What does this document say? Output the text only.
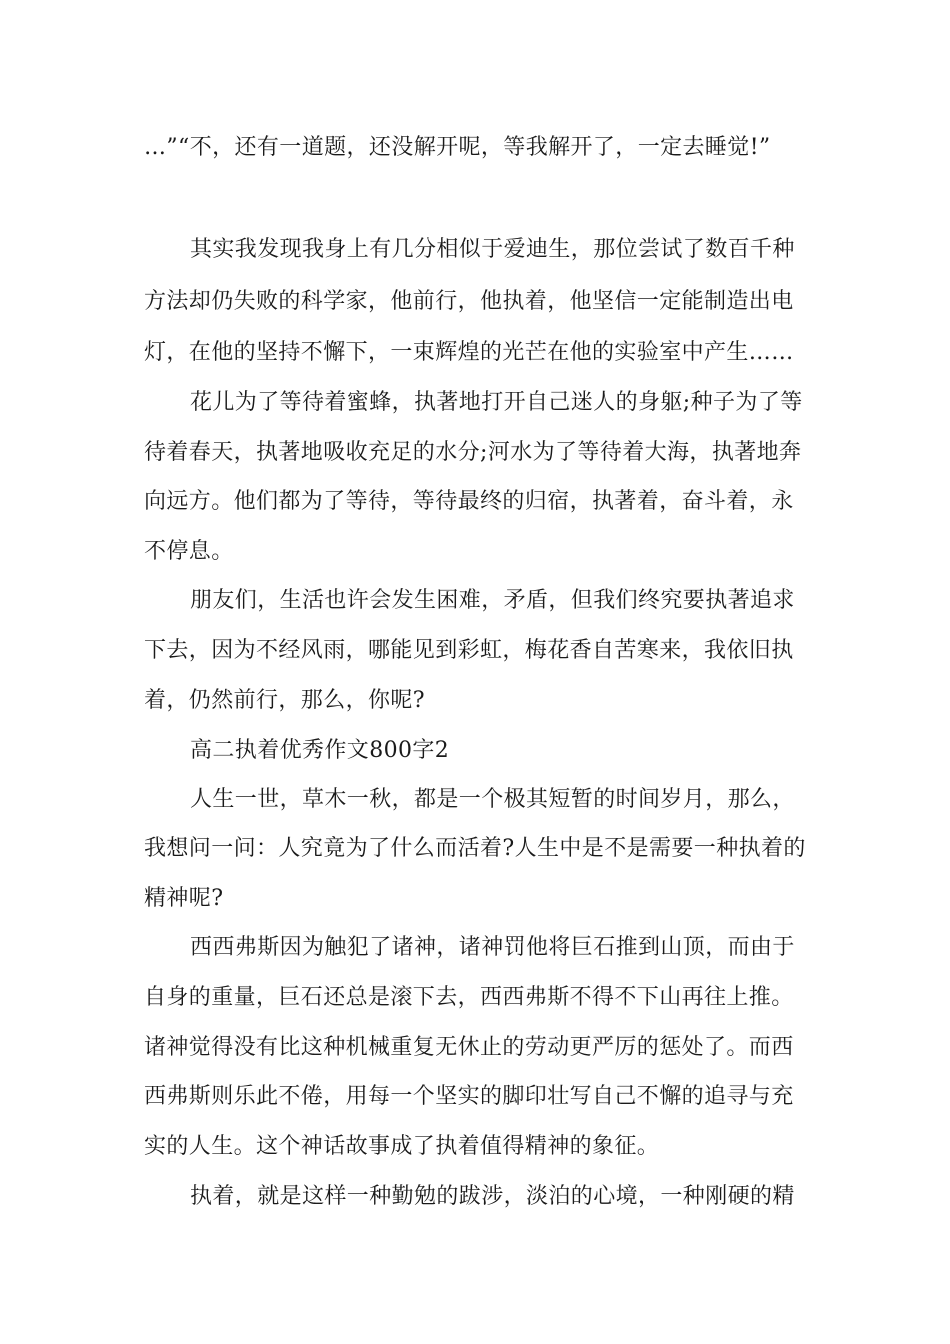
…”“不，还有一道题，还没解开呢，等我解开了，一定去睡觉!”
其实我发现我身上有几分相似于爱迪生，那位尝试了数百千种
方法却仍失败的科学家，他前行，他执着，他坚信一定能制造出电
灯，在他的坚持不懈下，一束辉煌的光芒在他的实验室中产生……
花儿为了等待着蜜蜂，执著地打开自己迷人的身躯;种子为了等
待着春天，执著地吸收充足的水分;河水为了等待着大海，执著地奔
向远方。他们都为了等待，等待最终的归宿，执著着，奋斗着，永
不停息。
朋友们，生活也许会发生困难，矛盾，但我们终究要执著追求
下去，因为不经风雨，哪能见到彩虹，梅花香自苦寒来，我依旧执
着，仍然前行，那么，你呢?
高二执着优秀作文800字2
人生一世，草木一秋，都是一个极其短暂的时间岁月，那么，
我想问一问：人究竟为了什么而活着?人生中是不是需要一种执着的
精神呢?
西西弗斯因为触犯了诸神，诸神罚他将巨石推到山顶，而由于
自身的重量，巨石还总是滚下去，西西弗斯不得不下山再往上推。
诸神觉得没有比这种机械重复无休止的劳动更严厉的惩处了。而西
西弗斯则乐此不倦，用每一个坚实的脚印壮写自己不懈的追寻与充
实的人生。这个神话故事成了执着值得精神的象征。
执着，就是这样一种勤勉的跋涉，淡泊的心境，一种刚硬的精
